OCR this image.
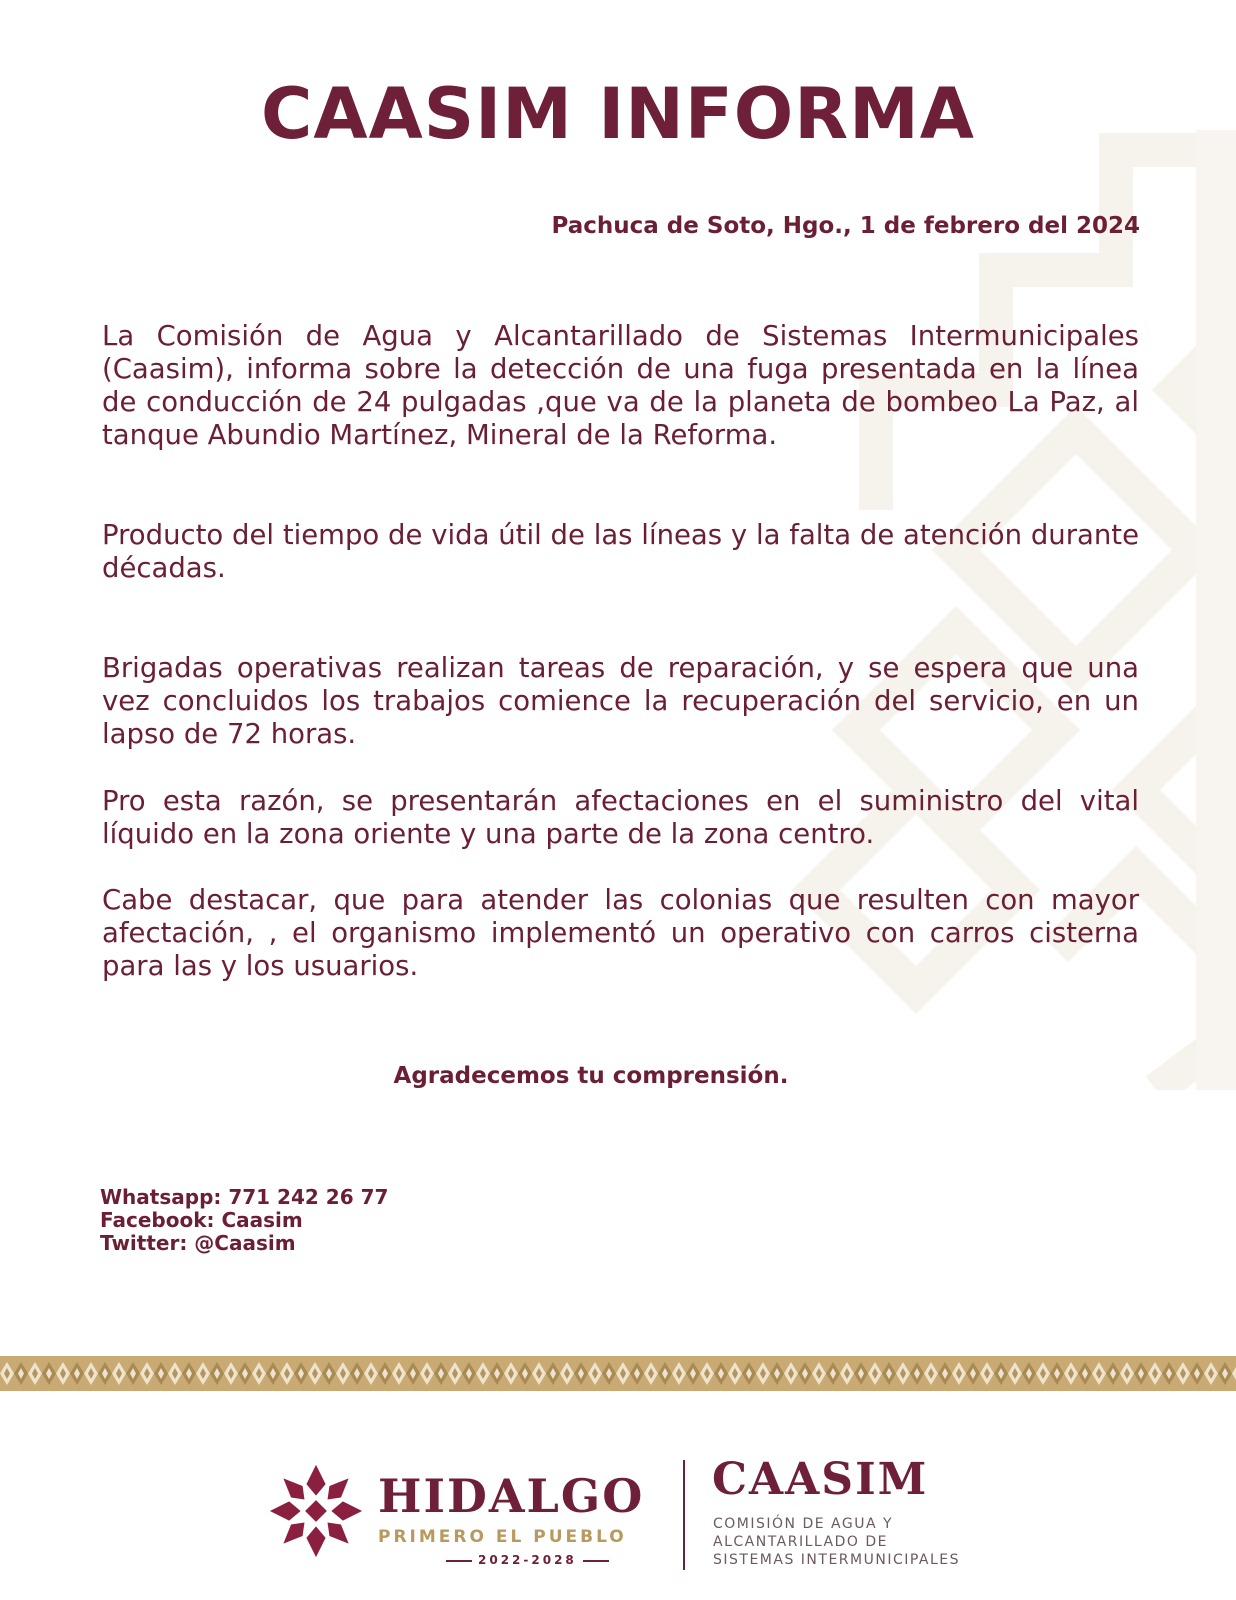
CAASIM INFORMA

Pachuca de Soto, Hgo., 1 de febrero del 2024

La Comisión de Agua y Alcantarillado de Sistemas Intermunicipales (Caasim), informa sobre la detección de una fuga presentada en la línea de conducción de 24 pulgadas ,que va de la planeta de bombeo La Paz, al tanque Abundio Martínez, Mineral de la Reforma.

Producto del tiempo de vida útil de las líneas y la falta de atención durante décadas.

Brigadas operativas realizan tareas de reparación, y se espera que una vez concluidos los trabajos comience la recuperación del servicio, en un lapso de 72 horas.

Pro esta razón, se presentarán afectaciones en el suministro del vital líquido en la zona oriente y una parte de la zona centro.

Cabe destacar, que para atender las colonias que resulten con mayor afectación, , el organismo implementó un operativo con carros cisterna para las y los usuarios.

Agradecemos tu comprensión.

Whatsapp: 771 242 26 77
Facebook: Caasim
Twitter: @Caasim
HIDALGO
PRIMERO EL PUEBLO
2022-2028
CAASIM
COMISIÓN DE AGUA Y
ALCANTARILLADO DE
SISTEMAS INTERMUNICIPALES
